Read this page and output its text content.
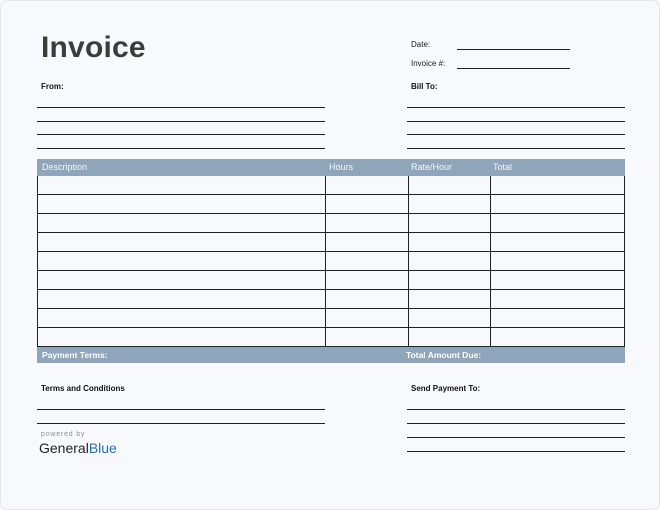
Invoice	Date:
Invoice #:
From:	Bill To:
Description	Hours	Rate/Hour	Total
Payment Terms:	Total Amount Due:
Terms and Conditions	Send Payment To:
powered by
GeneralBlue
